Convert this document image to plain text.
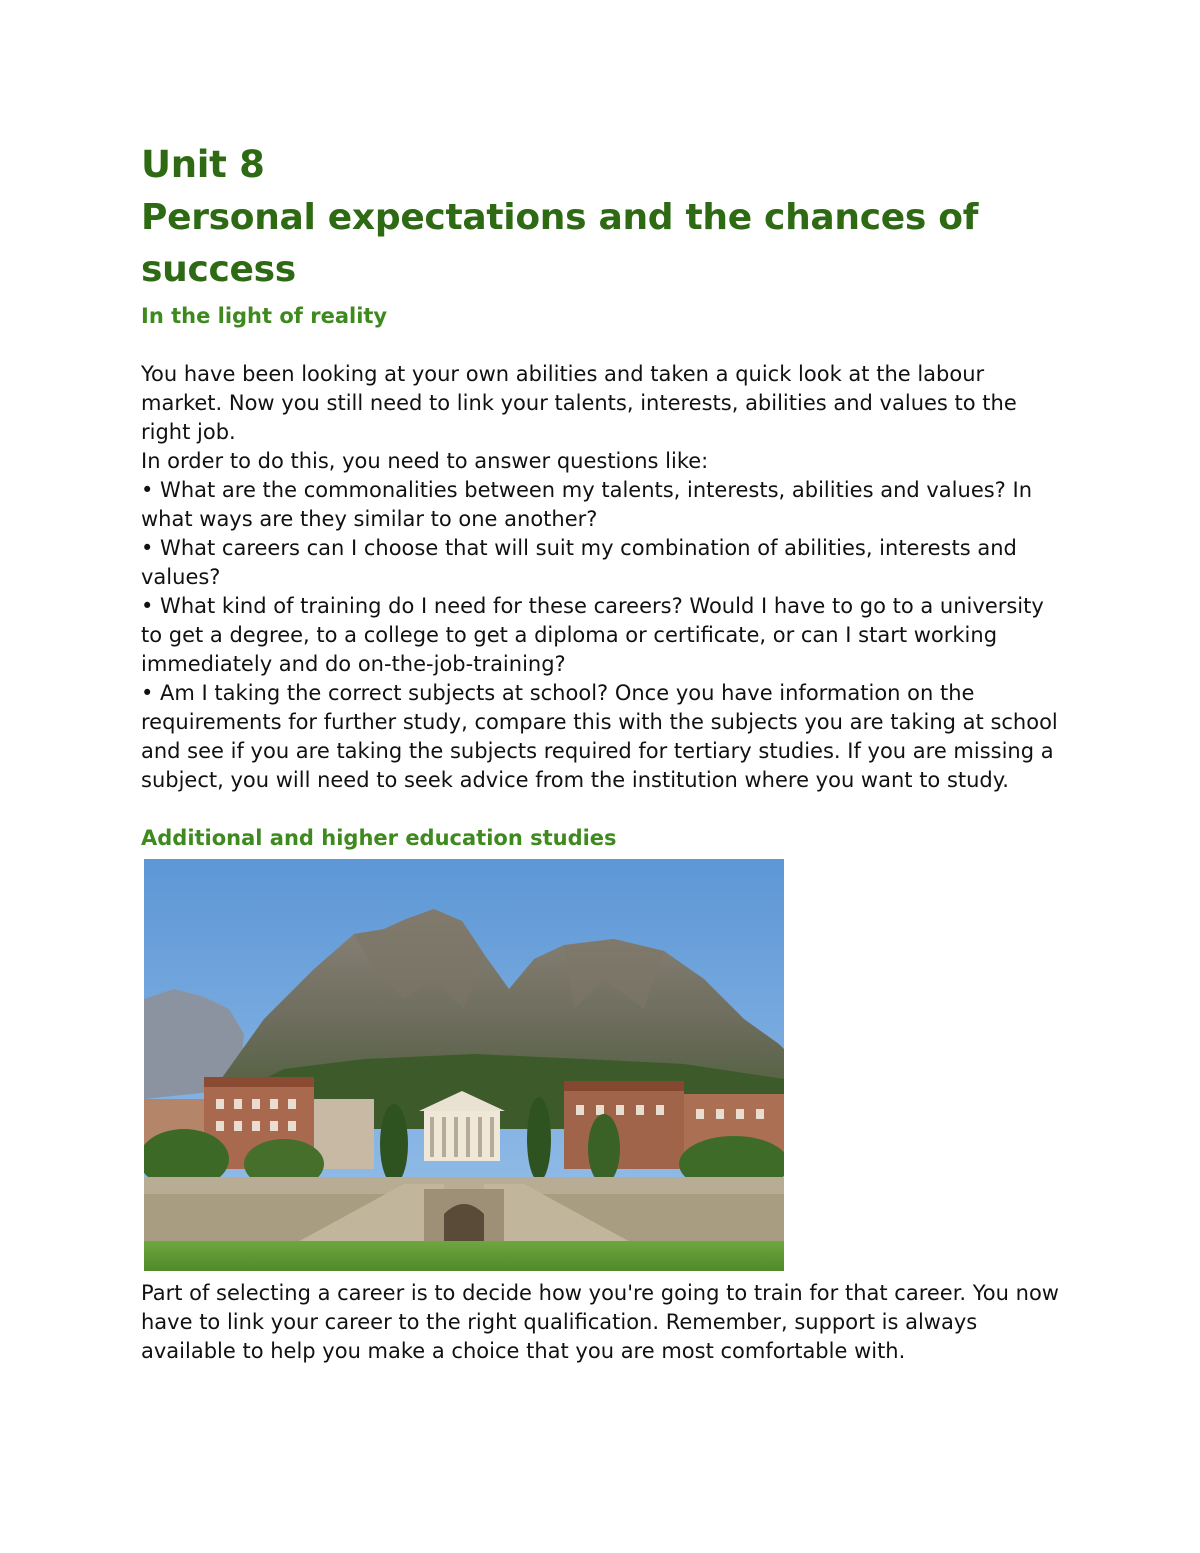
Unit 8
Personal expectations and the chances of success
In the light of reality

You have been looking at your own abilities and taken a quick look at the labour market. Now you still need to link your talents, interests, abilities and values to the right job.

In order to do this, you need to answer questions like:

• What are the commonalities between my talents, interests, abilities and values? In what ways are they similar to one another?

• What careers can I choose that will suit my combination of abilities, interests and values?

• What kind of training do I need for these careers? Would I have to go to a university to get a degree, to a college to get a diploma or certificate, or can I start working immediately and do on-the-job-training?

• Am I taking the correct subjects at school? Once you have information on the requirements for further study, compare this with the subjects you are taking at school and see if you are taking the subjects required for tertiary studies. If you are missing a subject, you will need to seek advice from the institution where you want to study.

Additional and higher education studies

Part of selecting a career is to decide how you're going to train for that career. You now have to link your career to the right qualification. Remember, support is always available to help you make a choice that you are most comfortable with.
